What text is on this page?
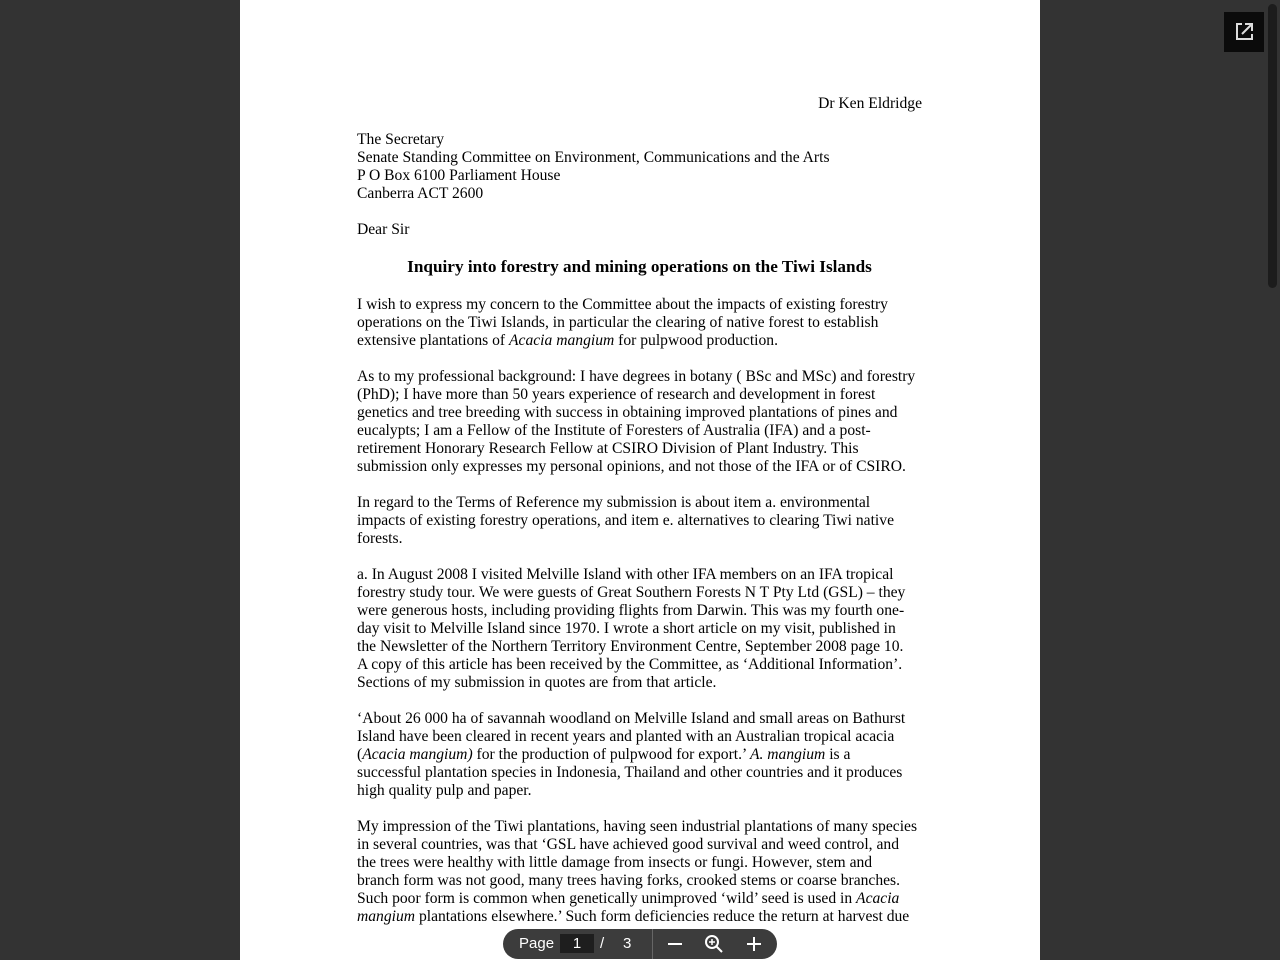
Dr Ken Eldridge
The Secretary
Senate Standing Committee on Environment, Communications and the Arts
P O Box 6100 Parliament House
Canberra ACT 2600
Dear Sir
Inquiry into forestry and mining operations on the Tiwi Islands
I wish to express my concern to the Committee about the impacts of existing forestry
operations on the Tiwi Islands, in particular the clearing of native forest to establish
extensive plantations of Acacia mangium for pulpwood production.
As to my professional background: I have degrees in botany ( BSc and MSc) and forestry
(PhD); I have more than 50 years experience of research and development in forest
genetics and tree breeding with success in obtaining improved plantations of pines and
eucalypts; I am a Fellow of the Institute of Foresters of Australia (IFA) and a post-
retirement Honorary Research Fellow at CSIRO Division of Plant Industry. This
submission only expresses my personal opinions, and not those of the IFA or of CSIRO.
In regard to the Terms of Reference my submission is about item a. environmental
impacts of existing forestry operations, and item e. alternatives to clearing Tiwi native
forests.
a. In August 2008 I visited Melville Island with other IFA members on an IFA tropical
forestry study tour. We were guests of Great Southern Forests N T Pty Ltd (GSL) – they
were generous hosts, including providing flights from Darwin. This was my fourth one-
day visit to Melville Island since 1970. I wrote a short article on my visit, published in
the Newsletter of the Northern Territory Environment Centre, September 2008 page 10.
A copy of this article has been received by the Committee, as ‘Additional Information’.
Sections of my submission in quotes are from that article.
‘About 26 000 ha of savannah woodland on Melville Island and small areas on Bathurst
Island have been cleared in recent years and planted with an Australian tropical acacia
(Acacia mangium) for the production of pulpwood for export.’ A. mangium is a
successful plantation species in Indonesia, Thailand and other countries and it produces
high quality pulp and paper.
My impression of the Tiwi plantations, having seen industrial plantations of many species
in several countries, was that ‘GSL have achieved good survival and weed control, and
the trees were healthy with little damage from insects or fungi. However, stem and
branch form was not good, many trees having forks, crooked stems or coarse branches.
Such poor form is common when genetically unimproved ‘wild’ seed is used in Acacia
mangium plantations elsewhere.’ Such form deficiencies reduce the return at harvest due
Page
1	/ 3
